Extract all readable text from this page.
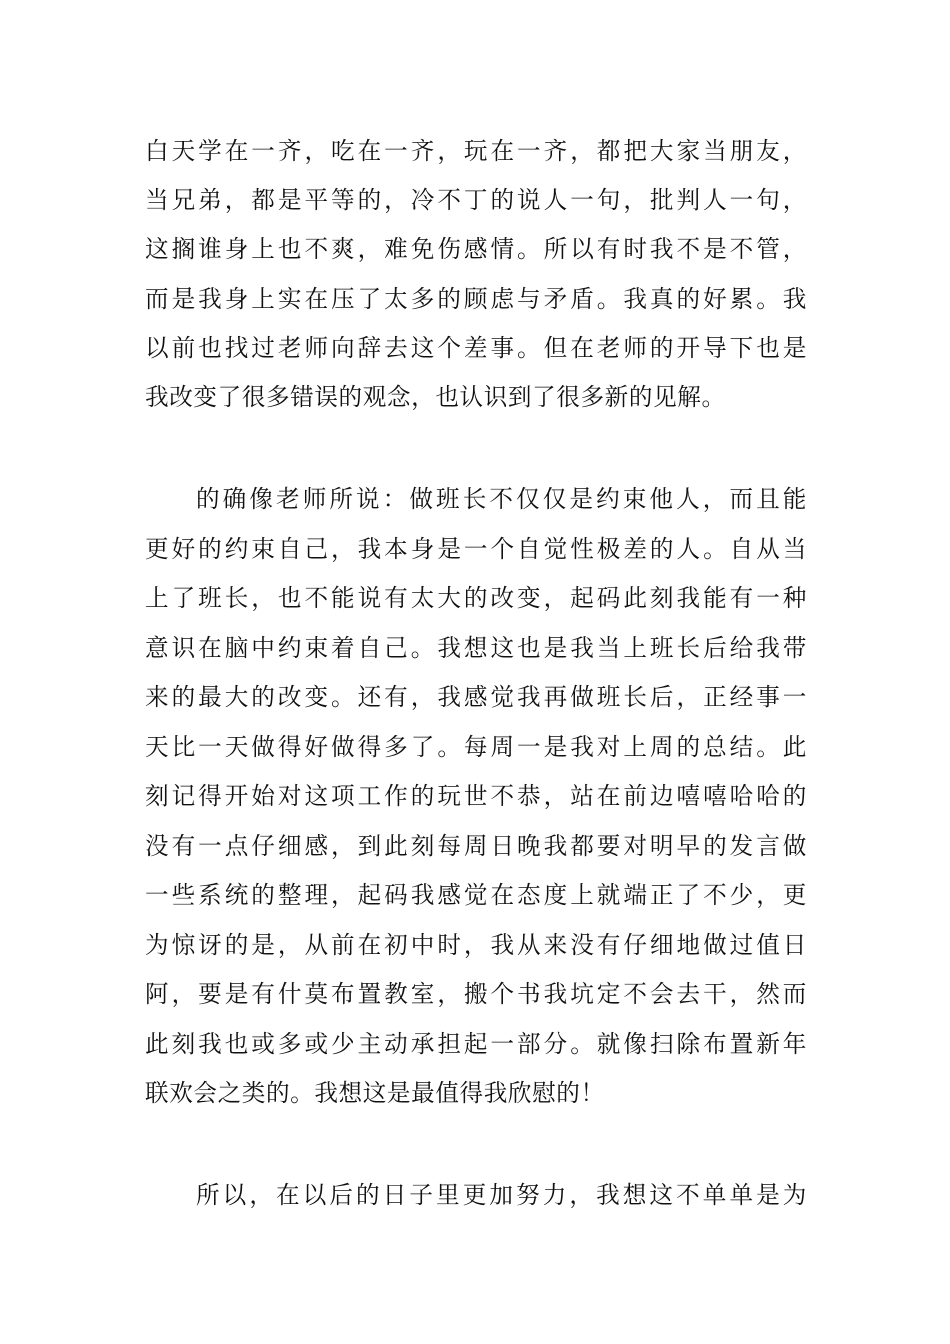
白天学在一齐，吃在一齐，玩在一齐，都把大家当朋友，
当兄弟，都是平等的，冷不丁的说人一句，批判人一句，
这搁谁身上也不爽，难免伤感情。所以有时我不是不管，
而是我身上实在压了太多的顾虑与矛盾。我真的好累。我
以前也找过老师向辞去这个差事。但在老师的开导下也是
我改变了很多错误的观念，也认识到了很多新的见解。
的确像老师所说：做班长不仅仅是约束他人，而且能
更好的约束自己，我本身是一个自觉性极差的人。自从当
上了班长，也不能说有太大的改变，起码此刻我能有一种
意识在脑中约束着自己。我想这也是我当上班长后给我带
来的最大的改变。还有，我感觉我再做班长后，正经事一
天比一天做得好做得多了。每周一是我对上周的总结。此
刻记得开始对这项工作的玩世不恭，站在前边嘻嘻哈哈的
没有一点仔细感，到此刻每周日晚我都要对明早的发言做
一些系统的整理，起码我感觉在态度上就端正了不少，更
为惊讶的是，从前在初中时，我从来没有仔细地做过值日
阿，要是有什莫布置教室，搬个书我坑定不会去干，然而
此刻我也或多或少主动承担起一部分。就像扫除布置新年
联欢会之类的。我想这是最值得我欣慰的！
所以，在以后的日子里更加努力，我想这不单单是为
